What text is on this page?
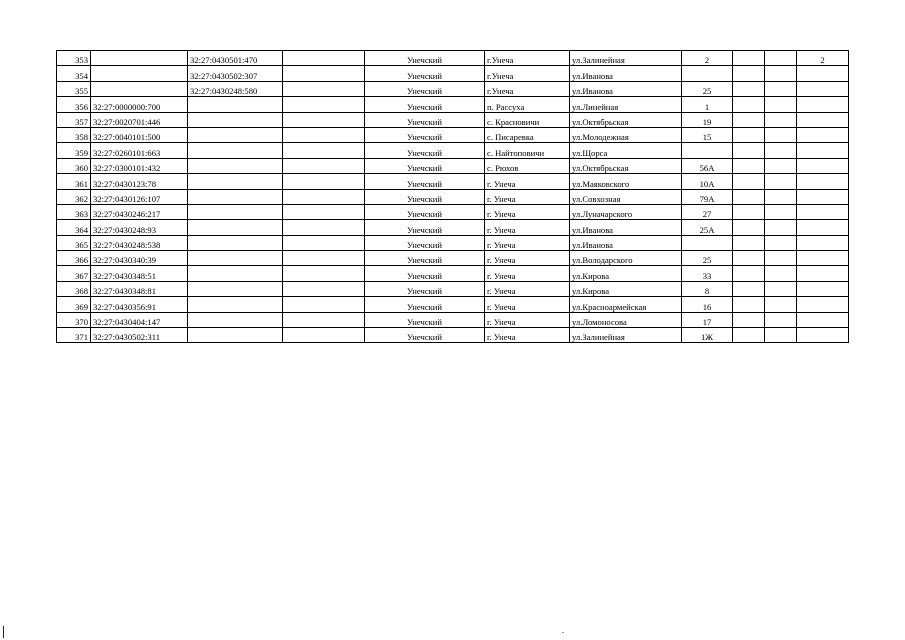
353		32:27:0430501:470		Унечский	г.Унеча	ул.Залинейная	2			2
354		32:27:0430502:307		Унечский	г.Унеча	ул.Иванова				
355		32:27:0430248:580		Унечский	г.Унеча	ул.Иванова	25			
356	32:27:0000000:700			Унечский	п. Рассуха	ул.Линейная	1			
357	32:27:0020701:446			Унечский	с. Красновичи	ул.Октябрьская	19			
358	32:27:0040101:500			Унечский	с. Писаревка	ул.Молодежная	15			
359	32:27:0260101:663			Унечский	с. Найтоповичи	ул.Щорса				
360	32:27:0300101:432			Унечский	с. Рюхов	ул.Октябрьская	56А			
361	32:27:0430123:78			Унечский	г. Унеча	ул.Маяковского	10А			
362	32:27:0430126:107			Унечский	г. Унеча	ул.Совхозная	79А			
363	32:27:0430246:217			Унечский	г. Унеча	ул.Луначарского	27			
364	32:27:0430248:93			Унечский	г. Унеча	ул.Иванова	25А			
365	32:27:0430248:538			Унечский	г. Унеча	ул.Иванова				
366	32:27:0430340:39			Унечский	г. Унеча	ул.Володарского	25			
367	32:27:0430348:51			Унечский	г. Унеча	ул.Кирова	33			
368	32:27:0430348:81			Унечский	г. Унеча	ул.Кирова	8			
369	32:27:0430356:91			Унечский	г. Унеча	ул.Красноармейская	16			
370	32:27:0430404:147			Унечский	г. Унеча	ул.Ломоносова	17			
371	32:27:0430502:311			Унечский	г. Унеча	ул.Залинейная	1Ж			
